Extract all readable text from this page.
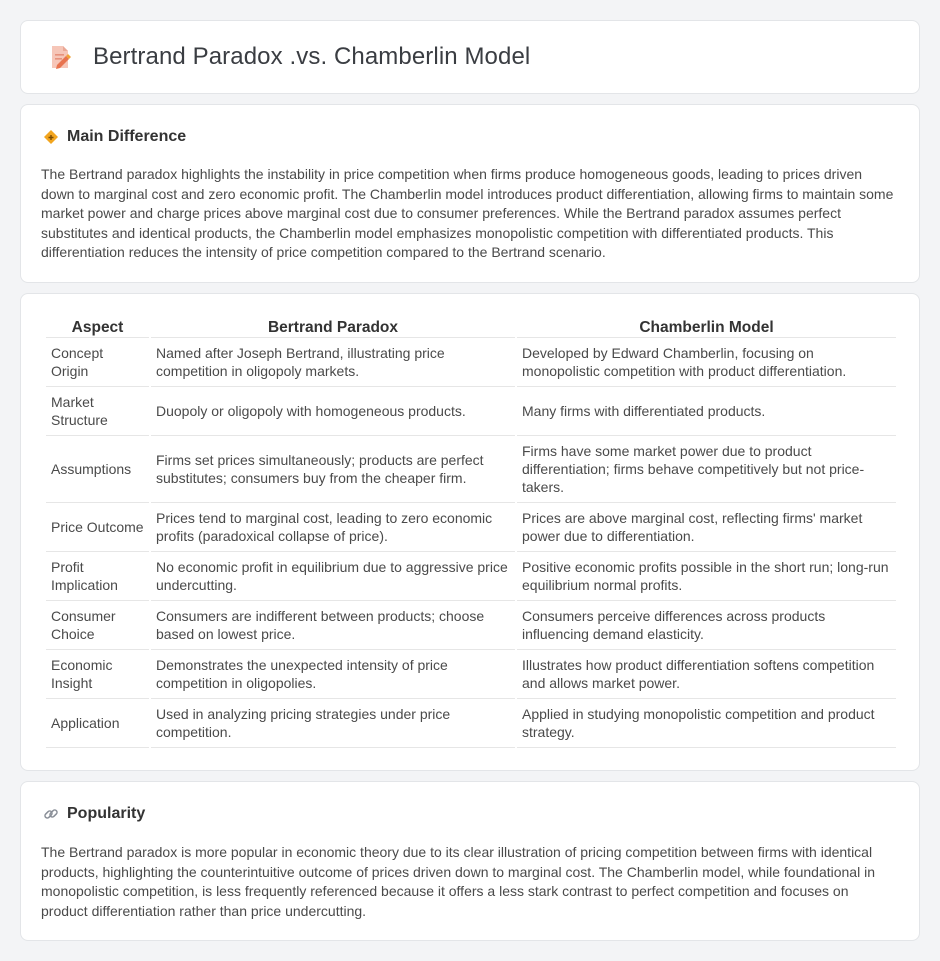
Bertrand Paradox .vs. Chamberlin Model
Main Difference

The Bertrand paradox highlights the instability in price competition when firms produce homogeneous goods, leading to prices driven down to marginal cost and zero economic profit. The Chamberlin model introduces product differentiation, allowing firms to maintain some market power and charge prices above marginal cost due to consumer preferences. While the Bertrand paradox assumes perfect substitutes and identical products, the Chamberlin model emphasizes monopolistic competition with differentiated products. This differentiation reduces the intensity of price competition compared to the Bertrand scenario.

Aspect	Bertrand Paradox	Chamberlin Model
Concept Origin	Named after Joseph Bertrand, illustrating price competition in oligopoly markets.	Developed by Edward Chamberlin, focusing on monopolistic competition with product differentiation.
Market Structure	Duopoly or oligopoly with homogeneous products.	Many firms with differentiated products.
Assumptions	Firms set prices simultaneously; products are perfect substitutes; consumers buy from the cheaper firm.	Firms have some market power due to product differentiation; firms behave competitively but not price-takers.
Price Outcome	Prices tend to marginal cost, leading to zero economic profits (paradoxical collapse of price).	Prices are above marginal cost, reflecting firms' market power due to differentiation.
Profit Implication	No economic profit in equilibrium due to aggressive price undercutting.	Positive economic profits possible in the short run; long-run equilibrium normal profits.
Consumer Choice	Consumers are indifferent between products; choose based on lowest price.	Consumers perceive differences across products influencing demand elasticity.
Economic Insight	Demonstrates the unexpected intensity of price competition in oligopolies.	Illustrates how product differentiation softens competition and allows market power.
Application	Used in analyzing pricing strategies under price competition.	Applied in studying monopolistic competition and product strategy.
Popularity

The Bertrand paradox is more popular in economic theory due to its clear illustration of pricing competition between firms with identical products, highlighting the counterintuitive outcome of prices driven down to marginal cost. The Chamberlin model, while foundational in monopolistic competition, is less frequently referenced because it offers a less stark contrast to perfect competition and focuses on product differentiation rather than price undercutting.
